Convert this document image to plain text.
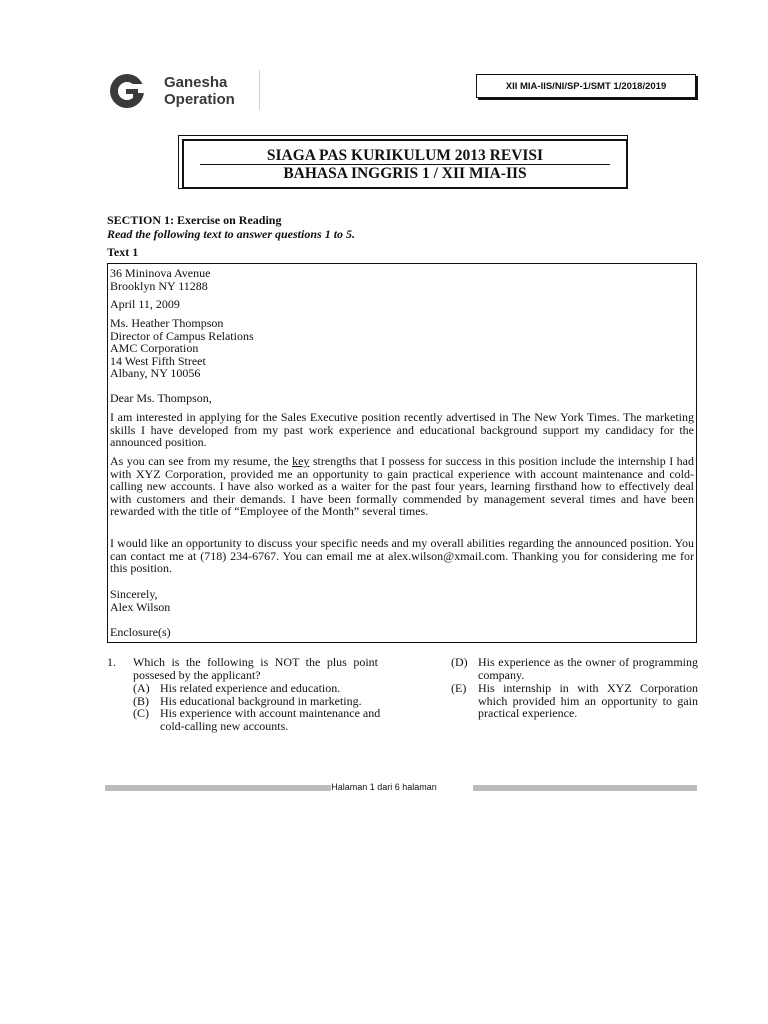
Ganesha
Operation
XII MIA-IIS/NI/SP-1/SMT 1/2018/2019
SIAGA PAS KURIKULUM 2013 REVISI
BAHASA INGGRIS 1 / XII MIA-IIS
SECTION 1: Exercise on Reading
Read the following text to answer questions 1 to 5.
Text 1
36 Mininova Avenue
Brooklyn NY 11288
April 11, 2009
Ms. Heather Thompson
Director of Campus Relations
AMC Corporation
14 West Fifth Street
Albany, NY 10056
Dear Ms. Thompson,
I am interested in applying for the Sales Executive position recently advertised in The New York Times. The marketing skills I have developed from my past work experience and educational background support my candidacy for the announced position.
As you can see from my resume, the key strengths that I possess for success in this position include the internship I had with XYZ Corporation, provided me an opportunity to gain practical experience with account maintenance and cold-calling new accounts. I have also worked as a waiter for the past four years, learning firsthand how to effectively deal with customers and their demands. I have been formally commended by management several times and have been rewarded with the title of “Employee of the Month” several times.
I would like an opportunity to discuss your specific needs and my overall abilities regarding the announced position. You can contact me at (718) 234-6767. You can email me at alex.wilson@xmail.com. Thanking you for considering me for this position.
Sincerely,
Alex Wilson
Enclosure(s)
1. Which is the following is NOT the plus point possesed by the applicant?
(A) His related experience and education.
(B) His educational background in marketing.
(C) His experience with account maintenance and cold-calling new accounts.
(D) His experience as the owner of programming company.
(E) His internship in with XYZ Corporation which provided him an opportunity to gain practical experience.
Halaman 1 dari 6 halaman
